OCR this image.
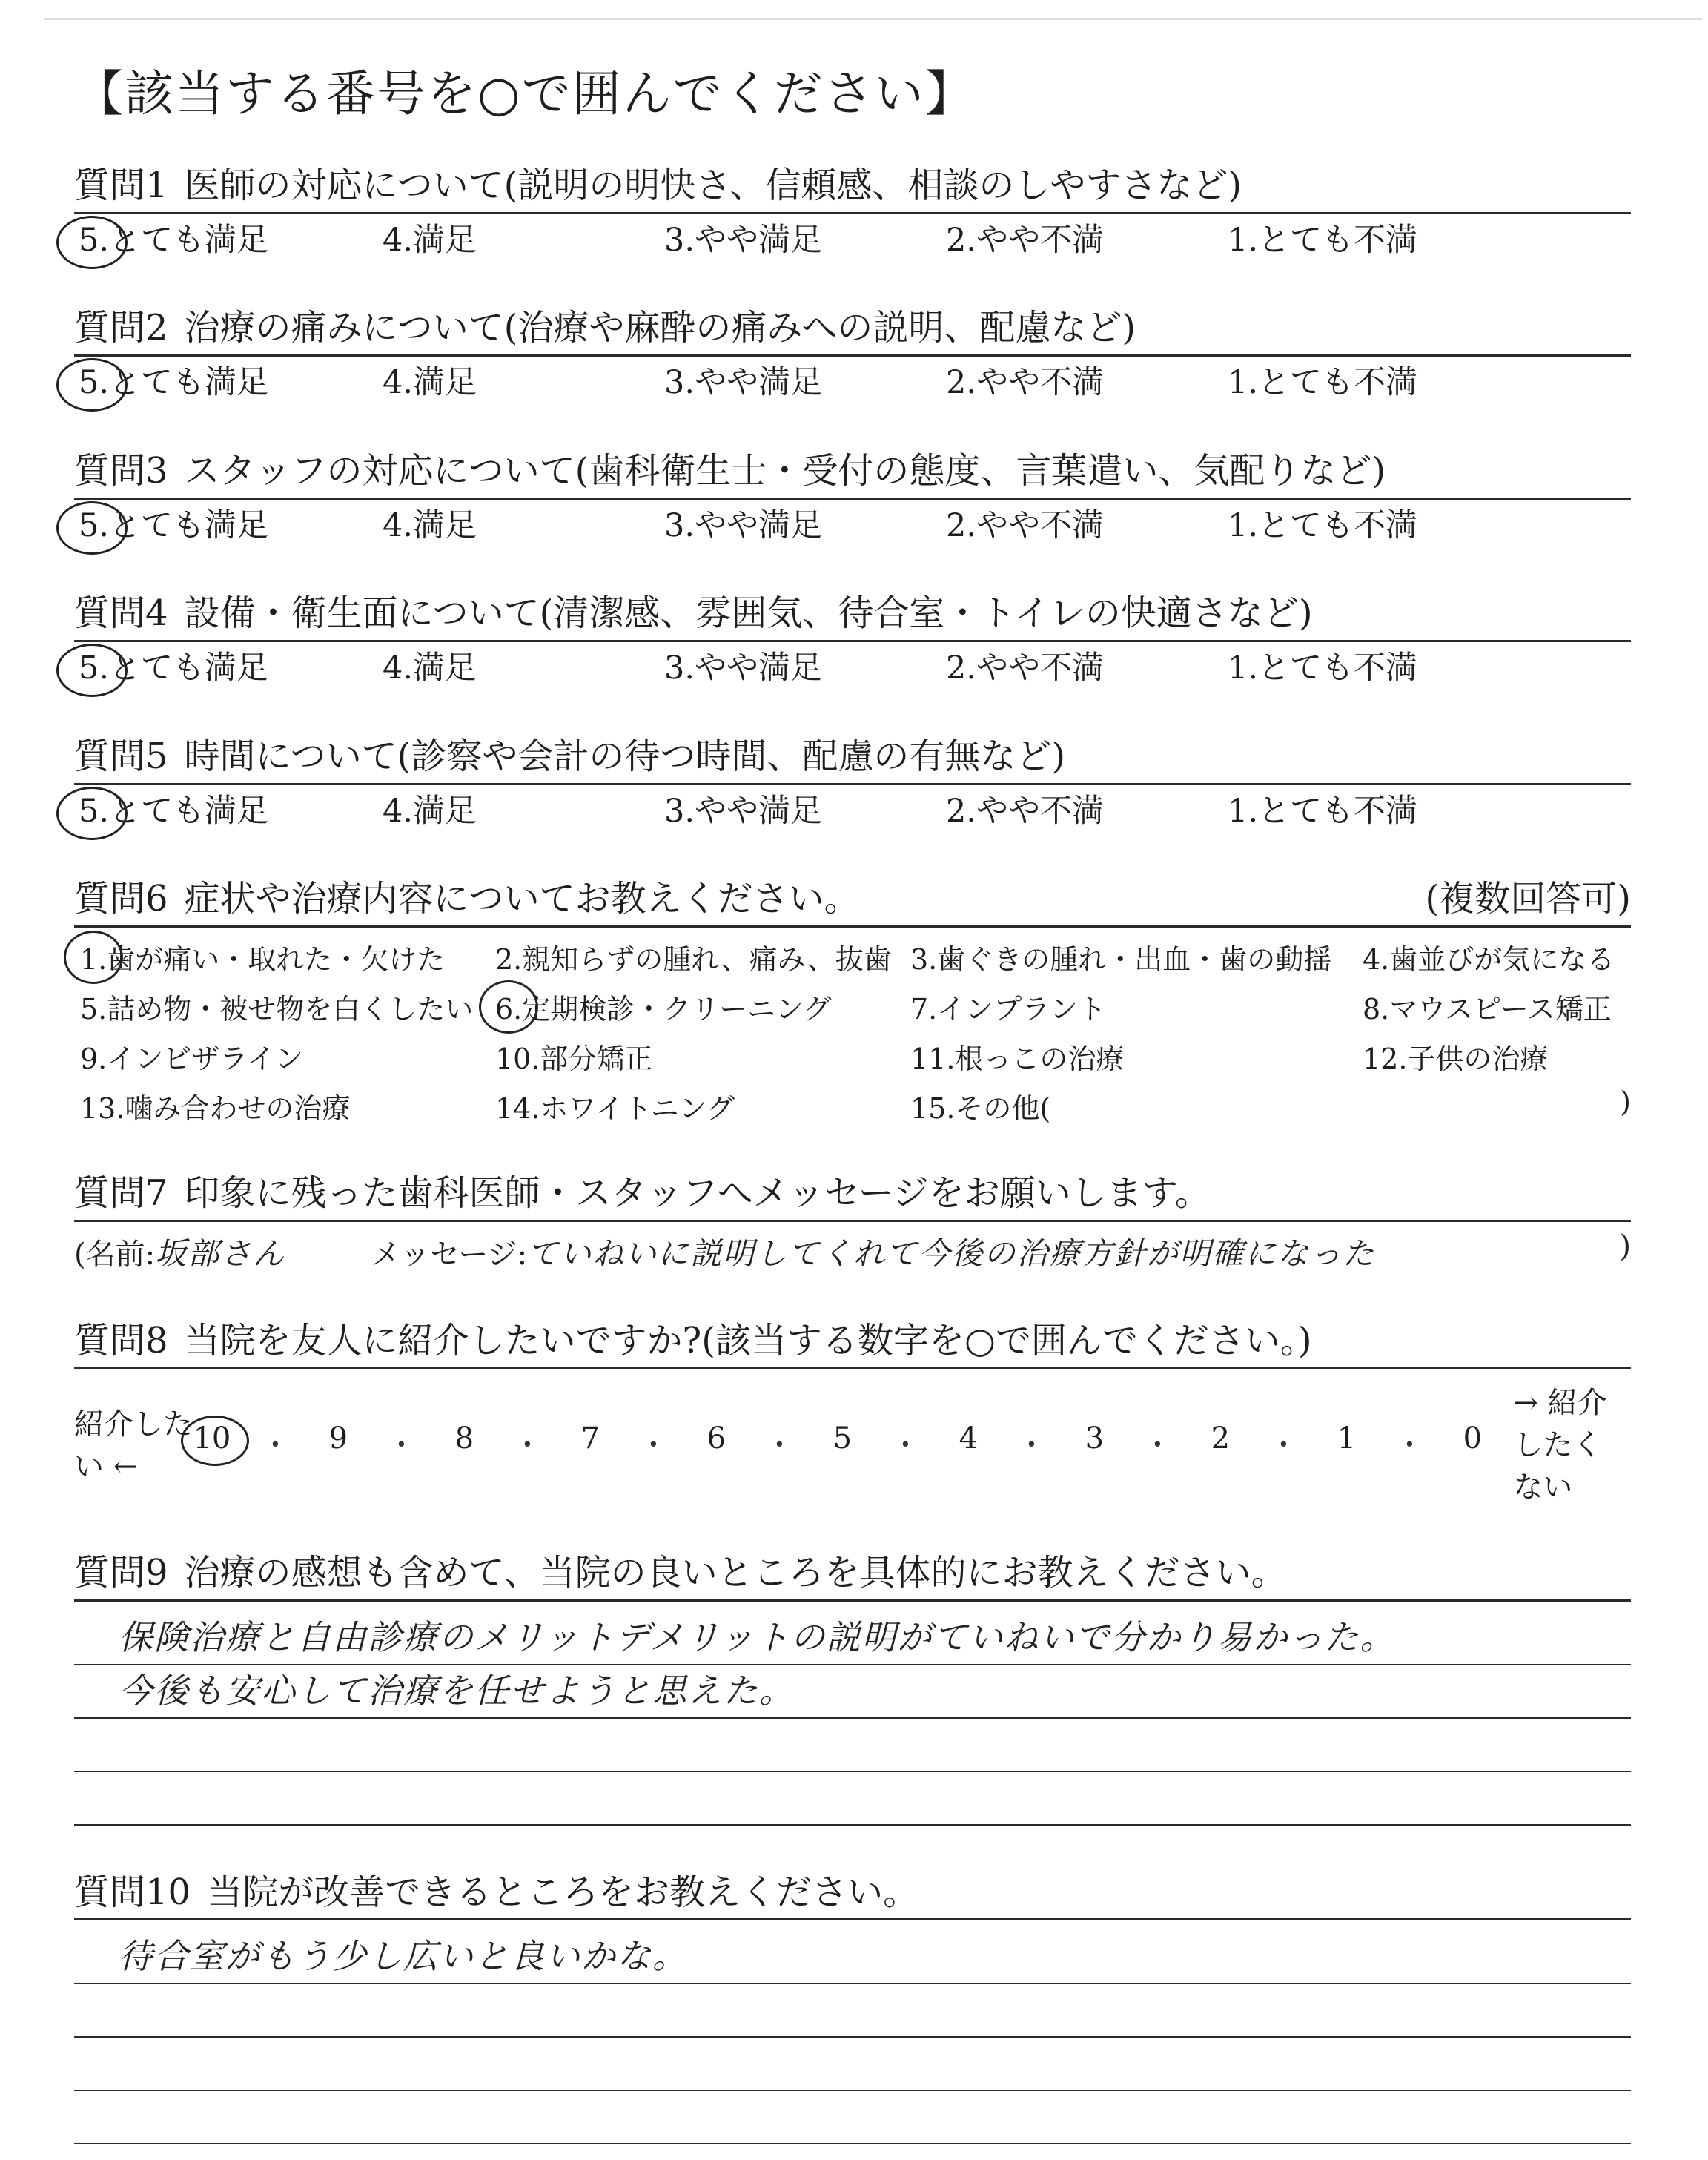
【該当する番号を○で囲んでください】
質問1 医師の対応について(説明の明快さ、信頼感、相談のしやすさなど)
5.とても満足	4.満足	3.やや満足	2.やや不満	1.とても不満
質問2 治療の痛みについて(治療や麻酔の痛みへの説明、配慮など)
5.とても満足	4.満足	3.やや満足	2.やや不満	1.とても不満
質問3 スタッフの対応について(歯科衛生士・受付の態度、言葉遣い、気配りなど)
5.とても満足	4.満足	3.やや満足	2.やや不満	1.とても不満
質問4 設備・衛生面について(清潔感、雰囲気、待合室・トイレの快適さなど)
5.とても満足	4.満足	3.やや満足	2.やや不満	1.とても不満
質問5 時間について(診察や会計の待つ時間、配慮の有無など)
5.とても満足	4.満足	3.やや満足	2.やや不満	1.とても不満
質問6 症状や治療内容についてお教えください。	(複数回答可)
1.歯が痛い・取れた・欠けた	2.親知らずの腫れ、痛み、抜歯 3.歯ぐきの腫れ・出血・歯の動揺	4.歯並びが気になる
5.詰め物・被せ物を白くしたい 6.定期検診・クリーニング	7.インプラント	8.マウスピース矯正
9.インビザライン	10.部分矯正	11.根っこの治療	12.子供の治療
13.噛み合わせの治療	14.ホワイトニング	15.その他(	)
質問7 印象に残った歯科医師・スタッフへメッセージをお願いします。
(名前:坂部さん	メッセージ:ていねいに説明してくれて今後の治療方針が明確になった	)
質問8 当院を友人に紹介したいですか?(該当する数字を○で囲んでください。)
紹介したい ←
10 ・	9	・	8	・	7	・	6	・	5	・	4	・	3	・	2	・	1	・	0
→ 紹介したくない
質問9 治療の感想も含めて、当院の良いところを具体的にお教えください。
保険治療と自由診療のメリットデメリットの説明がていねいで分かり易かった。
今後も安心して治療を任せようと思えた。
質問10 当院が改善できるところをお教えください。
待合室がもう少し広いと良いかな。
